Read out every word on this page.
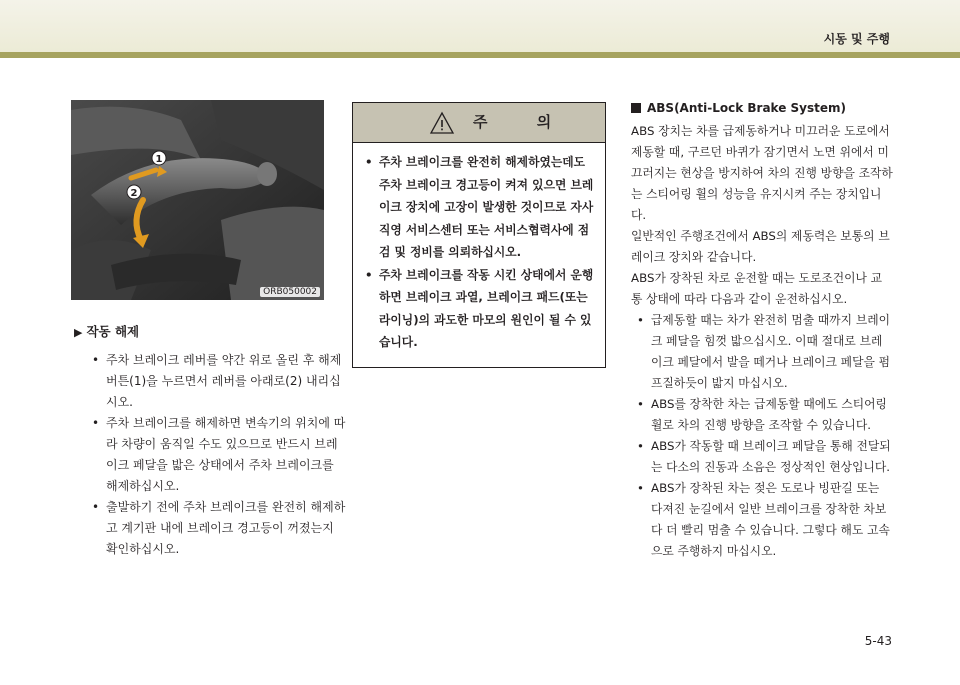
시동 및 주행
1
2
ORB050002
▶ 작동 해제
• 주차 브레이크 레버를 약간 위로 올린 후 해제 버튼(1)을 누르면서 레버를 아래로(2) 내리십시오.
• 주차 브레이크를 해제하면 변속기의 위치에 따라 차량이 움직일 수도 있으므로 반드시 브레이크 페달을 밟은 상태에서 주차 브레이크를 해제하십시오.
• 출발하기 전에 주차 브레이크를 완전히 해제하고 계기판 내에 브레이크 경고등이 꺼졌는지 확인하십시오.
주 의
• 주차 브레이크를 완전히 해제하였는데도 주차 브레이크 경고등이 켜져 있으면 브레이크 장치에 고장이 발생한 것이므로 자사 직영 서비스센터 또는 서비스협력사에 점검 및 정비를 의뢰하십시오.
• 주차 브레이크를 작동 시킨 상태에서 운행하면 브레이크 과열, 브레이크 패드(또는 라이닝)의 과도한 마모의 원인이 될 수 있습니다.
ABS(Anti-Lock Brake System)

ABS 장치는 차를 급제동하거나 미끄러운 도로에서 제동할 때, 구르던 바퀴가 잠기면서 노면 위에서 미끄러지는 현상을 방지하여 차의 진행 방향을 조작하는 스티어링 휠의 성능을 유지시켜 주는 장치입니다.

일반적인 주행조건에서 ABS의 제동력은 보통의 브레이크 장치와 같습니다.

ABS가 장착된 차로 운전할 때는 도로조건이나 교통 상태에 따라 다음과 같이 운전하십시오.

• 급제동할 때는 차가 완전히 멈출 때까지 브레이크 페달을 힘껏 밟으십시오. 이때 절대로 브레이크 페달에서 발을 떼거나 브레이크 페달을 펌프질하듯이 밟지 마십시오.
• ABS를 장착한 차는 급제동할 때에도 스티어링휠로 차의 진행 방향을 조작할 수 있습니다.
• ABS가 작동할 때 브레이크 페달을 통해 전달되는 다소의 진동과 소음은 정상적인 현상입니다.
• ABS가 장착된 차는 젖은 도로나 빙판길 또는 다져진 눈길에서 일반 브레이크를 장착한 차보다 더 빨리 멈출 수 있습니다. 그렇다 해도 고속으로 주행하지 마십시오.
5-43
